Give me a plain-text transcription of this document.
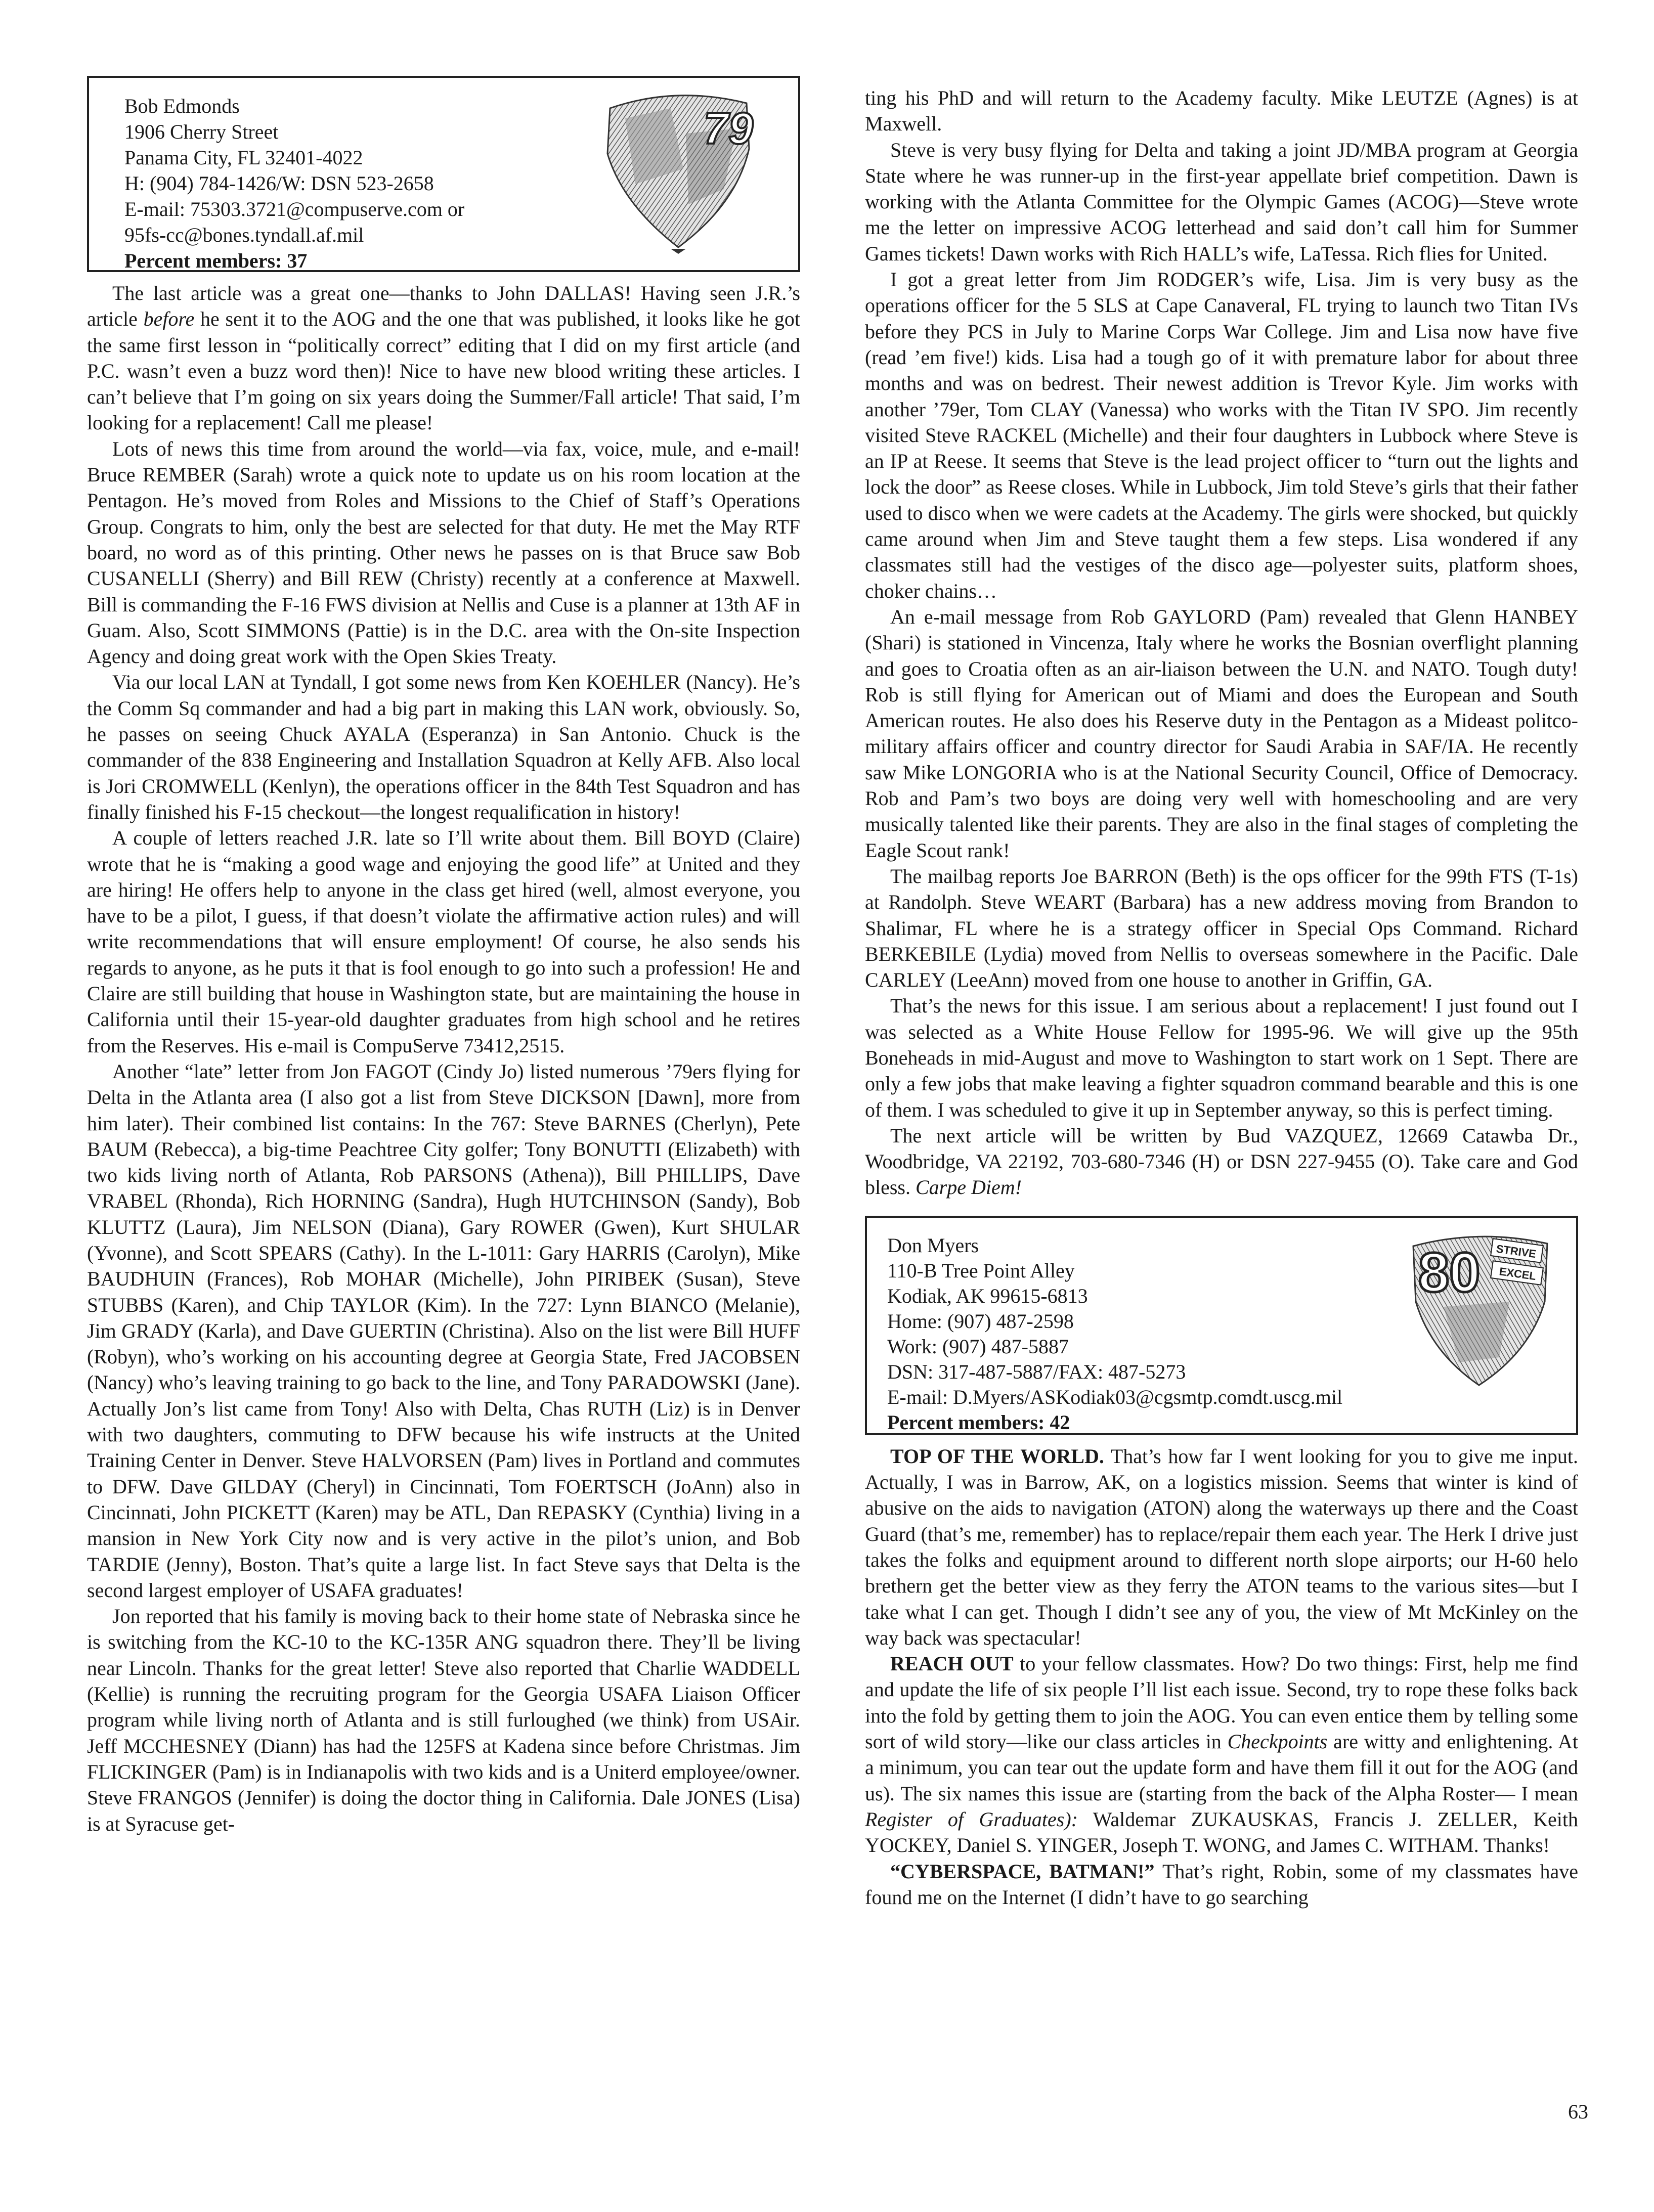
Bob Edmonds
1906 Cherry Street
Panama City, FL 32401-4022
H: (904) 784-1426/W: DSN 523-2658
E-mail: 75303.3721@compuserve.com or
95fs-cc@bones.tyndall.af.mil
Percent members: 37
79

The last article was a great one—thanks to John DALLAS! Having seen J.R.’s article before he sent it to the AOG and the one that was published, it looks like he got the same first lesson in “politically correct” editing that I did on my first article (and P.C. wasn’t even a buzz word then)! Nice to have new blood writing these articles. I can’t believe that I’m going on six years doing the Summer/Fall article! That said, I’m looking for a replacement! Call me please!

Lots of news this time from around the world—via fax, voice, mule, and e-mail! Bruce REMBER (Sarah) wrote a quick note to update us on his room location at the Pentagon. He’s moved from Roles and Missions to the Chief of Staff’s Operations Group. Congrats to him, only the best are selected for that duty. He met the May RTF board, no word as of this printing. Other news he passes on is that Bruce saw Bob CUSANELLI (Sherry) and Bill REW (Christy) recently at a conference at Maxwell. Bill is commanding the F-16 FWS division at Nellis and Cuse is a planner at 13th AF in Guam. Also, Scott SIMMONS (Pattie) is in the D.C. area with the On-site Inspection Agency and doing great work with the Open Skies Treaty.

Via our local LAN at Tyndall, I got some news from Ken KOEHLER (Nancy). He’s the Comm Sq commander and had a big part in making this LAN work, obviously. So, he passes on seeing Chuck AYALA (Esperanza) in San Antonio. Chuck is the commander of the 838 Engineering and Installation Squadron at Kelly AFB. Also local is Jori CROMWELL (Kenlyn), the operations officer in the 84th Test Squadron and has finally finished his F-15 checkout—the longest requalification in history!

A couple of letters reached J.R. late so I’ll write about them. Bill BOYD (Claire) wrote that he is “making a good wage and enjoying the good life” at United and they are hiring! He offers help to anyone in the class get hired (well, almost everyone, you have to be a pilot, I guess, if that doesn’t violate the affirmative action rules) and will write recommendations that will ensure employment! Of course, he also sends his regards to anyone, as he puts it that is fool enough to go into such a profession! He and Claire are still building that house in Washington state, but are maintaining the house in California until their 15-year-old daughter graduates from high school and he retires from the Reserves. His e-mail is CompuServe 73412,2515.

Another “late” letter from Jon FAGOT (Cindy Jo) listed numerous ’79ers flying for Delta in the Atlanta area (I also got a list from Steve DICKSON [Dawn], more from him later). Their combined list contains: In the 767: Steve BARNES (Cherlyn), Pete BAUM (Rebecca), a big-time Peachtree City golfer; Tony BONUTTI (Elizabeth) with two kids living north of Atlanta, Rob PARSONS (Athena)), Bill PHILLIPS, Dave VRABEL (Rhonda), Rich HORNING (Sandra), Hugh HUTCHINSON (Sandy), Bob KLUTTZ (Laura), Jim NELSON (Diana), Gary ROWER (Gwen), Kurt SHULAR (Yvonne), and Scott SPEARS (Cathy). In the L-1011: Gary HARRIS (Carolyn), Mike BAUDHUIN (Frances), Rob MOHAR (Michelle), John PIRIBEK (Susan), Steve STUBBS (Karen), and Chip TAYLOR (Kim). In the 727: Lynn BIANCO (Melanie), Jim GRADY (Karla), and Dave GUERTIN (Christina). Also on the list were Bill HUFF (Robyn), who’s working on his accounting degree at Georgia State, Fred JACOBSEN (Nancy) who’s leaving training to go back to the line, and Tony PARADOWSKI (Jane). Actually Jon’s list came from Tony! Also with Delta, Chas RUTH (Liz) is in Denver with two daughters, commuting to DFW because his wife instructs at the United Training Center in Denver. Steve HALVORSEN (Pam) lives in Portland and commutes to DFW. Dave GILDAY (Cheryl) in Cincinnati, Tom FOERTSCH (JoAnn) also in Cincinnati, John PICKETT (Karen) may be ATL, Dan REPASKY (Cynthia) living in a mansion in New York City now and is very active in the pilot’s union, and Bob TARDIE (Jenny), Boston. That’s quite a large list. In fact Steve says that Delta is the second largest employer of USAFA graduates!

Jon reported that his family is moving back to their home state of Nebraska since he is switching from the KC-10 to the KC-135R ANG squadron there. They’ll be living near Lincoln. Thanks for the great letter! Steve also reported that Charlie WADDELL (Kellie) is running the recruiting program for the Georgia USAFA Liaison Officer program while living north of Atlanta and is still furloughed (we think) from USAir. Jeff MCCHESNEY (Diann) has had the 125FS at Kadena since before Christmas. Jim FLICKINGER (Pam) is in Indianapolis with two kids and is a Uniterd employee/owner. Steve FRANGOS (Jennifer) is doing the doctor thing in California. Dale JONES (Lisa) is at Syracuse get-

ting his PhD and will return to the Academy faculty. Mike LEUTZE (Agnes) is at Maxwell.

Steve is very busy flying for Delta and taking a joint JD/MBA program at Georgia State where he was runner-up in the first-year appellate brief competition. Dawn is working with the Atlanta Committee for the Olympic Games (ACOG)—Steve wrote me the letter on impressive ACOG letterhead and said don’t call him for Summer Games tickets! Dawn works with Rich HALL’s wife, LaTessa. Rich flies for United.

I got a great letter from Jim RODGER’s wife, Lisa. Jim is very busy as the operations officer for the 5 SLS at Cape Canaveral, FL trying to launch two Titan IVs before they PCS in July to Marine Corps War College. Jim and Lisa now have five (read ’em five!) kids. Lisa had a tough go of it with premature labor for about three months and was on bedrest. Their newest addition is Trevor Kyle. Jim works with another ’79er, Tom CLAY (Vanessa) who works with the Titan IV SPO. Jim recently visited Steve RACKEL (Michelle) and their four daughters in Lubbock where Steve is an IP at Reese. It seems that Steve is the lead project officer to “turn out the lights and lock the door” as Reese closes. While in Lubbock, Jim told Steve’s girls that their father used to disco when we were cadets at the Academy. The girls were shocked, but quickly came around when Jim and Steve taught them a few steps. Lisa wondered if any classmates still had the vestiges of the disco age—polyester suits, platform shoes, choker chains…

An e-mail message from Rob GAYLORD (Pam) revealed that Glenn HANBEY (Shari) is stationed in Vincenza, Italy where he works the Bosnian overflight planning and goes to Croatia often as an air-liaison between the U.N. and NATO. Tough duty! Rob is still flying for American out of Miami and does the European and South American routes. He also does his Reserve duty in the Pentagon as a Mideast politco-military affairs officer and country director for Saudi Arabia in SAF/IA. He recently saw Mike LONGORIA who is at the National Security Council, Office of Democracy. Rob and Pam’s two boys are doing very well with homeschooling and are very musically talented like their parents. They are also in the final stages of completing the Eagle Scout rank!

The mailbag reports Joe BARRON (Beth) is the ops officer for the 99th FTS (T-1s) at Randolph. Steve WEART (Barbara) has a new address moving from Brandon to Shalimar, FL where he is a strategy officer in Special Ops Command. Richard BERKEBILE (Lydia) moved from Nellis to overseas somewhere in the Pacific. Dale CARLEY (LeeAnn) moved from one house to another in Griffin, GA.

That’s the news for this issue. I am serious about a replacement! I just found out I was selected as a White House Fellow for 1995-96. We will give up the 95th Boneheads in mid-August and move to Washington to start work on 1 Sept. There are only a few jobs that make leaving a fighter squadron command bearable and this is one of them. I was scheduled to give it up in September anyway, so this is perfect timing.

The next article will be written by Bud VAZQUEZ, 12669 Catawba Dr., Woodbridge, VA 22192, 703-680-7346 (H) or DSN 227-9455 (O). Take care and God bless. Carpe Diem!

Don Myers
110-B Tree Point Alley
Kodiak, AK 99615-6813
Home: (907) 487-2598
Work: (907) 487-5887
DSN: 317-487-5887/FAX: 487-5273
E-mail: D.Myers/ASKodiak03@cgsmtp.comdt.uscg.mil
Percent members: 42
80 STRIVE
EXCEL

TOP OF THE WORLD. That’s how far I went looking for you to give me input. Actually, I was in Barrow, AK, on a logistics mission. Seems that winter is kind of abusive on the aids to navigation (ATON) along the waterways up there and the Coast Guard (that’s me, remember) has to replace/repair them each year. The Herk I drive just takes the folks and equipment around to different north slope airports; our H-60 helo brethern get the better view as they ferry the ATON teams to the various sites—but I take what I can get. Though I didn’t see any of you, the view of Mt McKinley on the way back was spectacular!

REACH OUT to your fellow classmates. How? Do two things: First, help me find and update the life of six people I’ll list each issue. Second, try to rope these folks back into the fold by getting them to join the AOG. You can even entice them by telling some sort of wild story—like our class articles in Checkpoints are witty and enlightening. At a minimum, you can tear out the update form and have them fill it out for the AOG (and us). The six names this issue are (starting from the back of the Alpha Roster— I mean Register of Graduates): Waldemar ZUKAUSKAS, Francis J. ZELLER, Keith YOCKEY, Daniel S. YINGER, Joseph T. WONG, and James C. WITHAM. Thanks!

“CYBERSPACE, BATMAN!” That’s right, Robin, some of my classmates have found me on the Internet (I didn’t have to go searching

63
